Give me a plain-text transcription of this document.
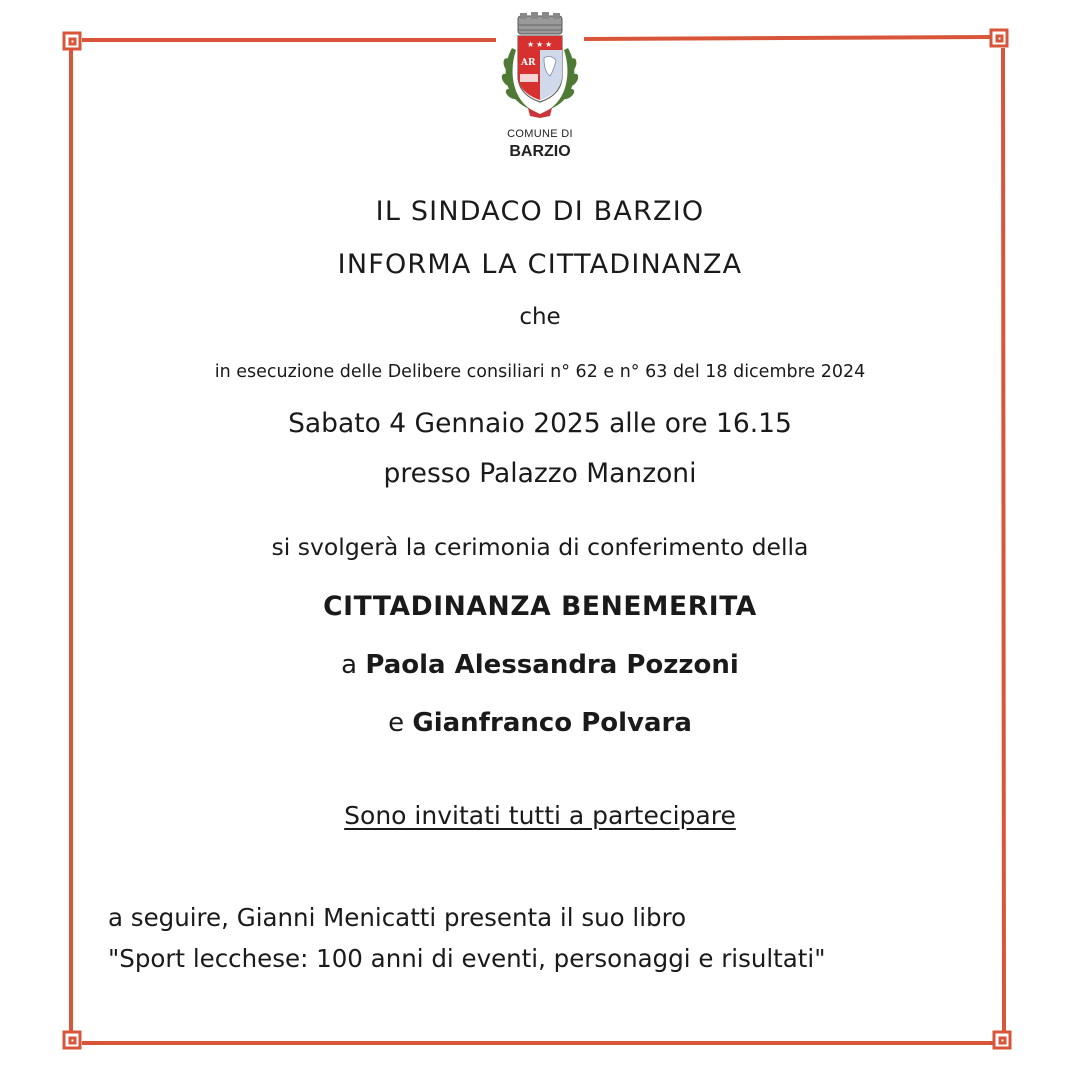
★ ★ ★
AR
COMUNE DI
BARZIO
IL SINDACO DI BARZIO
INFORMA LA CITTADINANZA
che
in esecuzione delle Delibere consiliari n° 62 e n° 63 del 18 dicembre 2024
Sabato 4 Gennaio 2025 alle ore 16.15
presso Palazzo Manzoni
si svolgerà la cerimonia di conferimento della
CITTADINANZA BENEMERITA
a Paola Alessandra Pozzoni
e Gianfranco Polvara
Sono invitati tutti a partecipare
a seguire, Gianni Menicatti presenta il suo libro
"Sport lecchese: 100 anni di eventi, personaggi e risultati"
